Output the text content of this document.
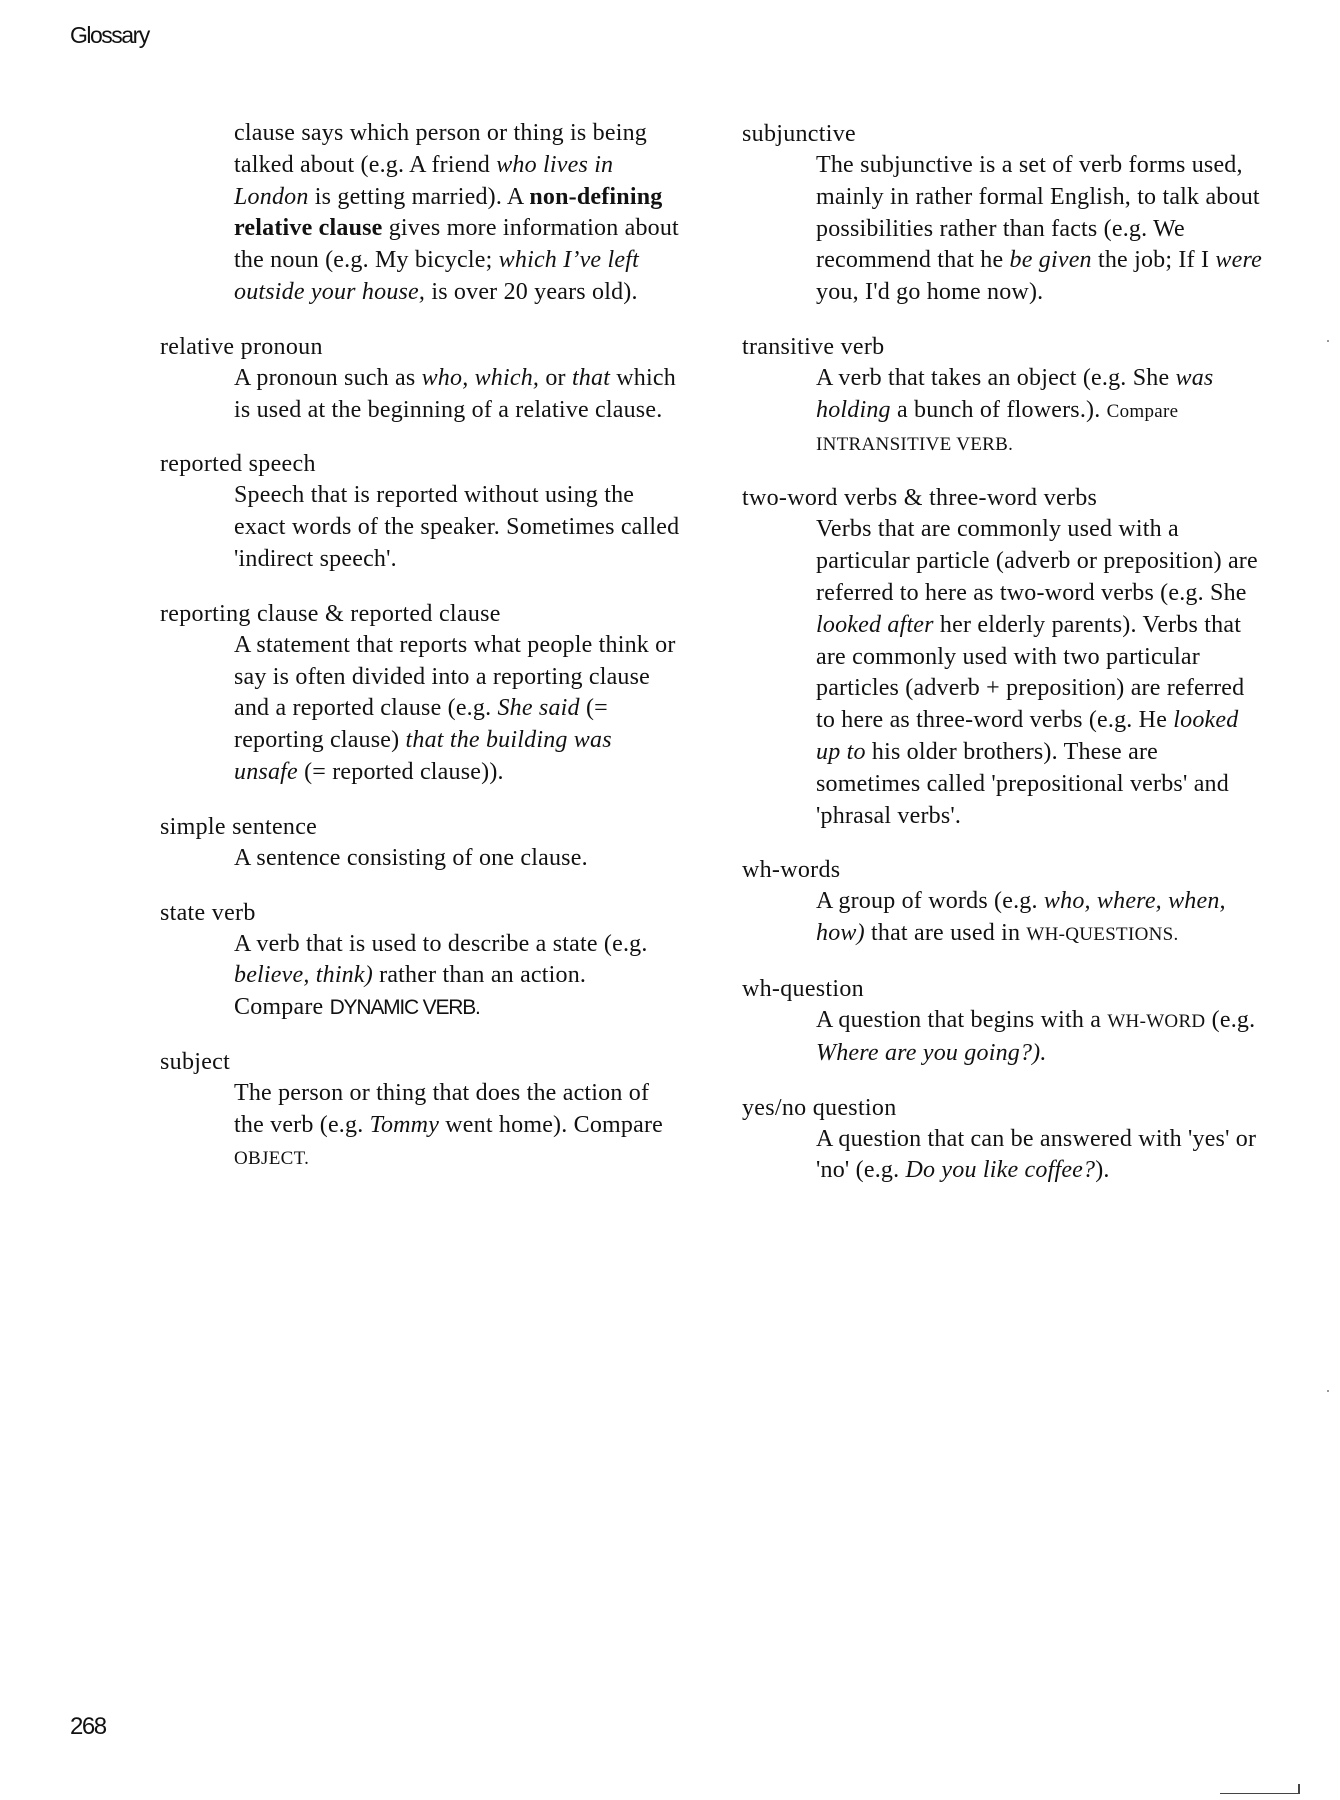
Glossary
clause says which person or thing is being talked about (e.g. A friend who lives in London is getting married). A non-defining relative clause gives more information about the noun (e.g. My bicycle; which I’ve left outside your house, is over 20 years old).
relative pronoun
A pronoun such as who, which, or that which is used at the beginning of a relative clause.
reported speech
Speech that is reported without using the exact words of the speaker. Sometimes called 'indirect speech'.
reporting clause & reported clause
A statement that reports what people think or say is often divided into a reporting clause and a reported clause (e.g. She said (= reporting clause) that the building was unsafe (= reported clause)).
simple sentence
A sentence consisting of one clause.
state verb
A verb that is used to describe a state (e.g. believe, think) rather than an action. Compare DYNAMIC VERB.
subject
The person or thing that does the action of the verb (e.g. Tommy went home). Compare OBJECT.
subjunctive
The subjunctive is a set of verb forms used, mainly in rather formal English, to talk about possibilities rather than facts (e.g. We recommend that he be given the job; If I were you, I'd go home now).
transitive verb
A verb that takes an object (e.g. She was holding a bunch of flowers.). Compare INTRANSITIVE VERB.
two-word verbs & three-word verbs
Verbs that are commonly used with a particular particle (adverb or preposition) are referred to here as two-word verbs (e.g. She looked after her elderly parents). Verbs that are commonly used with two particular particles (adverb + preposition) are referred to here as three-word verbs (e.g. He looked up to his older brothers). These are sometimes called 'prepositional verbs' and 'phrasal verbs'.
wh-words
A group of words (e.g. who, where, when, how) that are used in WH-QUESTIONS.
wh-question
A question that begins with a WH-WORD (e.g. Where are you going?).
yes/no question
A question that can be answered with 'yes' or 'no' (e.g. Do you like coffee?).
268
